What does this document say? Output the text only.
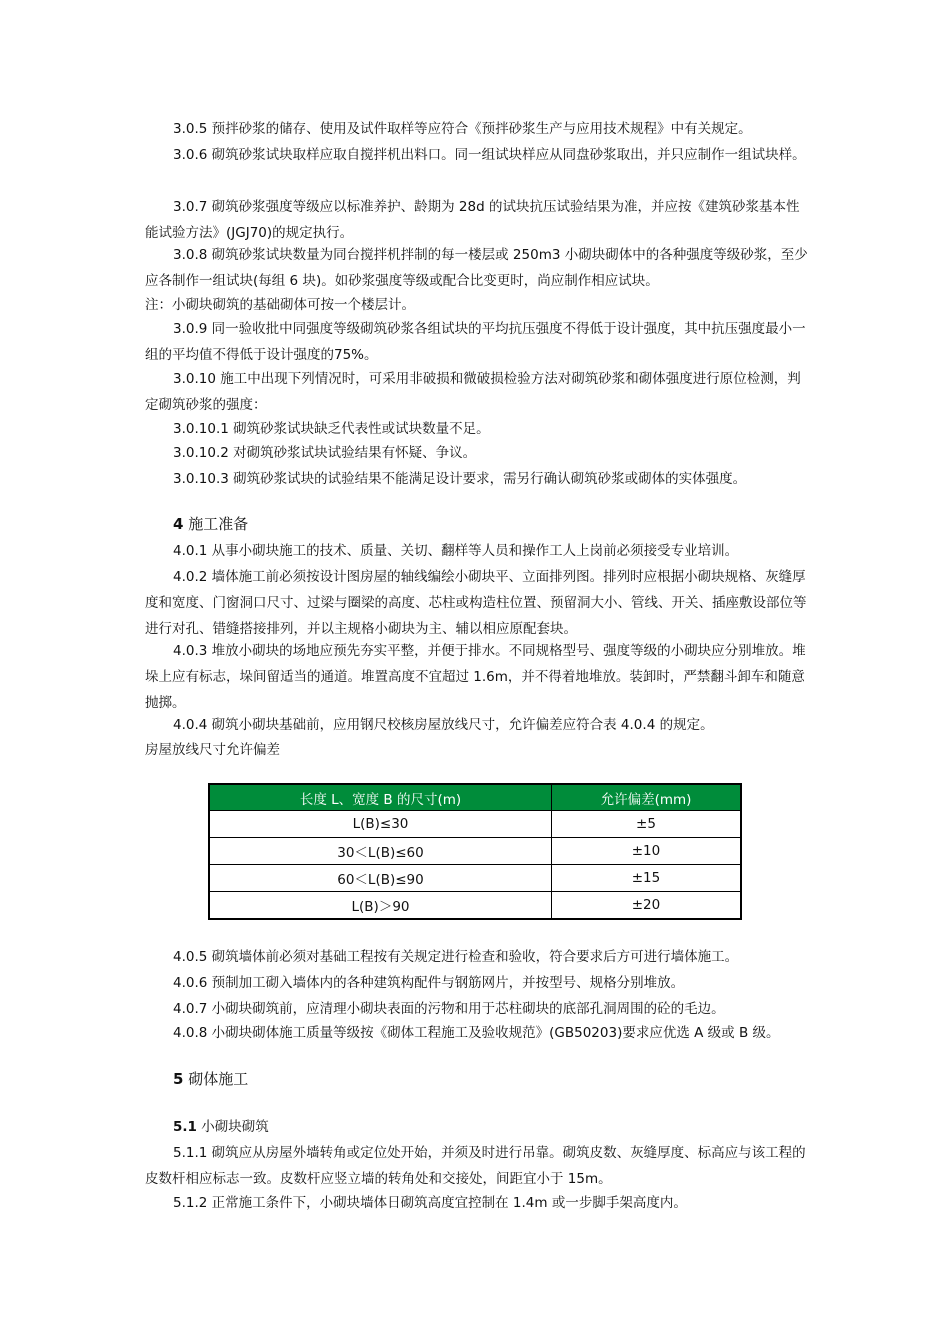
3.0.5 预拌砂浆的储存、使用及试件取样等应符合《预拌砂浆生产与应用技术规程》中有关规定。

3.0.6 砌筑砂浆试块取样应取自搅拌机出料口。同一组试块样应从同盘砂浆取出，并只应制作一组试块样。

3.0.7 砌筑砂浆强度等级应以标准养护、龄期为 28d 的试块抗压试验结果为准，并应按《建筑砂浆基本性能试验方法》(JGJ70)的规定执行。

3.0.8 砌筑砂浆试块数量为同台搅拌机拌制的每一楼层或 250m3 小砌块砌体中的各种强度等级砂浆，至少应各制作一组试块(每组 6 块)。如砂浆强度等级或配合比变更时，尚应制作相应试块。

注：小砌块砌筑的基础砌体可按一个楼层计。

3.0.9 同一验收批中同强度等级砌筑砂浆各组试块的平均抗压强度不得低于设计强度，其中抗压强度最小一组的平均值不得低于设计强度的75%。

3.0.10 施工中出现下列情况时，可采用非破损和微破损检验方法对砌筑砂浆和砌体强度进行原位检测，判定砌筑砂浆的强度：

3.0.10.1 砌筑砂浆试块缺乏代表性或试块数量不足。

3.0.10.2 对砌筑砂浆试块试验结果有怀疑、争议。

3.0.10.3 砌筑砂浆试块的试验结果不能满足设计要求，需另行确认砌筑砂浆或砌体的实体强度。

4 施工准备

4.0.1 从事小砌块施工的技术、质量、关切、翻样等人员和操作工人上岗前必须接受专业培训。

4.0.2 墙体施工前必须按设计图房屋的轴线编绘小砌块平、立面排列图。排列时应根据小砌块规格、灰缝厚度和宽度、门窗洞口尺寸、过梁与圈梁的高度、芯柱或构造柱位置、预留洞大小、管线、开关、插座敷设部位等进行对孔、错缝搭接排列，并以主规格小砌块为主、辅以相应原配套块。

4.0.3 堆放小砌块的场地应预先夯实平整，并便于排水。不同规格型号、强度等级的小砌块应分别堆放。堆垛上应有标志，垛间留适当的通道。堆置高度不宜超过 1.6m，并不得着地堆放。装卸时，严禁翻斗卸车和随意抛掷。

4.0.4 砌筑小砌块基础前，应用钢尺校核房屋放线尺寸，允许偏差应符合表 4.0.4 的规定。

房屋放线尺寸允许偏差

长度 L、宽度 B 的尺寸(m)	允许偏差(mm)
L(B)≤30	±5
30＜L(B)≤60	±10
60＜L(B)≤90	±15
L(B)＞90	±20

4.0.5 砌筑墙体前必须对基础工程按有关规定进行检查和验收，符合要求后方可进行墙体施工。

4.0.6 预制加工砌入墙体内的各种建筑构配件与钢筋网片，并按型号、规格分别堆放。

4.0.7 小砌块砌筑前，应清理小砌块表面的污物和用于芯柱砌块的底部孔洞周围的砼的毛边。

4.0.8 小砌块砌体施工质量等级按《砌体工程施工及验收规范》(GB50203)要求应优选 A 级或 B 级。

5 砌体施工
5.1 小砌块砌筑

5.1.1 砌筑应从房屋外墙转角或定位处开始，并须及时进行吊靠。砌筑皮数、灰缝厚度、标高应与该工程的皮数杆相应标志一致。皮数杆应竖立墙的转角处和交接处，间距宜小于 15m。

5.1.2 正常施工条件下，小砌块墙体日砌筑高度宜控制在 1.4m 或一步脚手架高度内。
